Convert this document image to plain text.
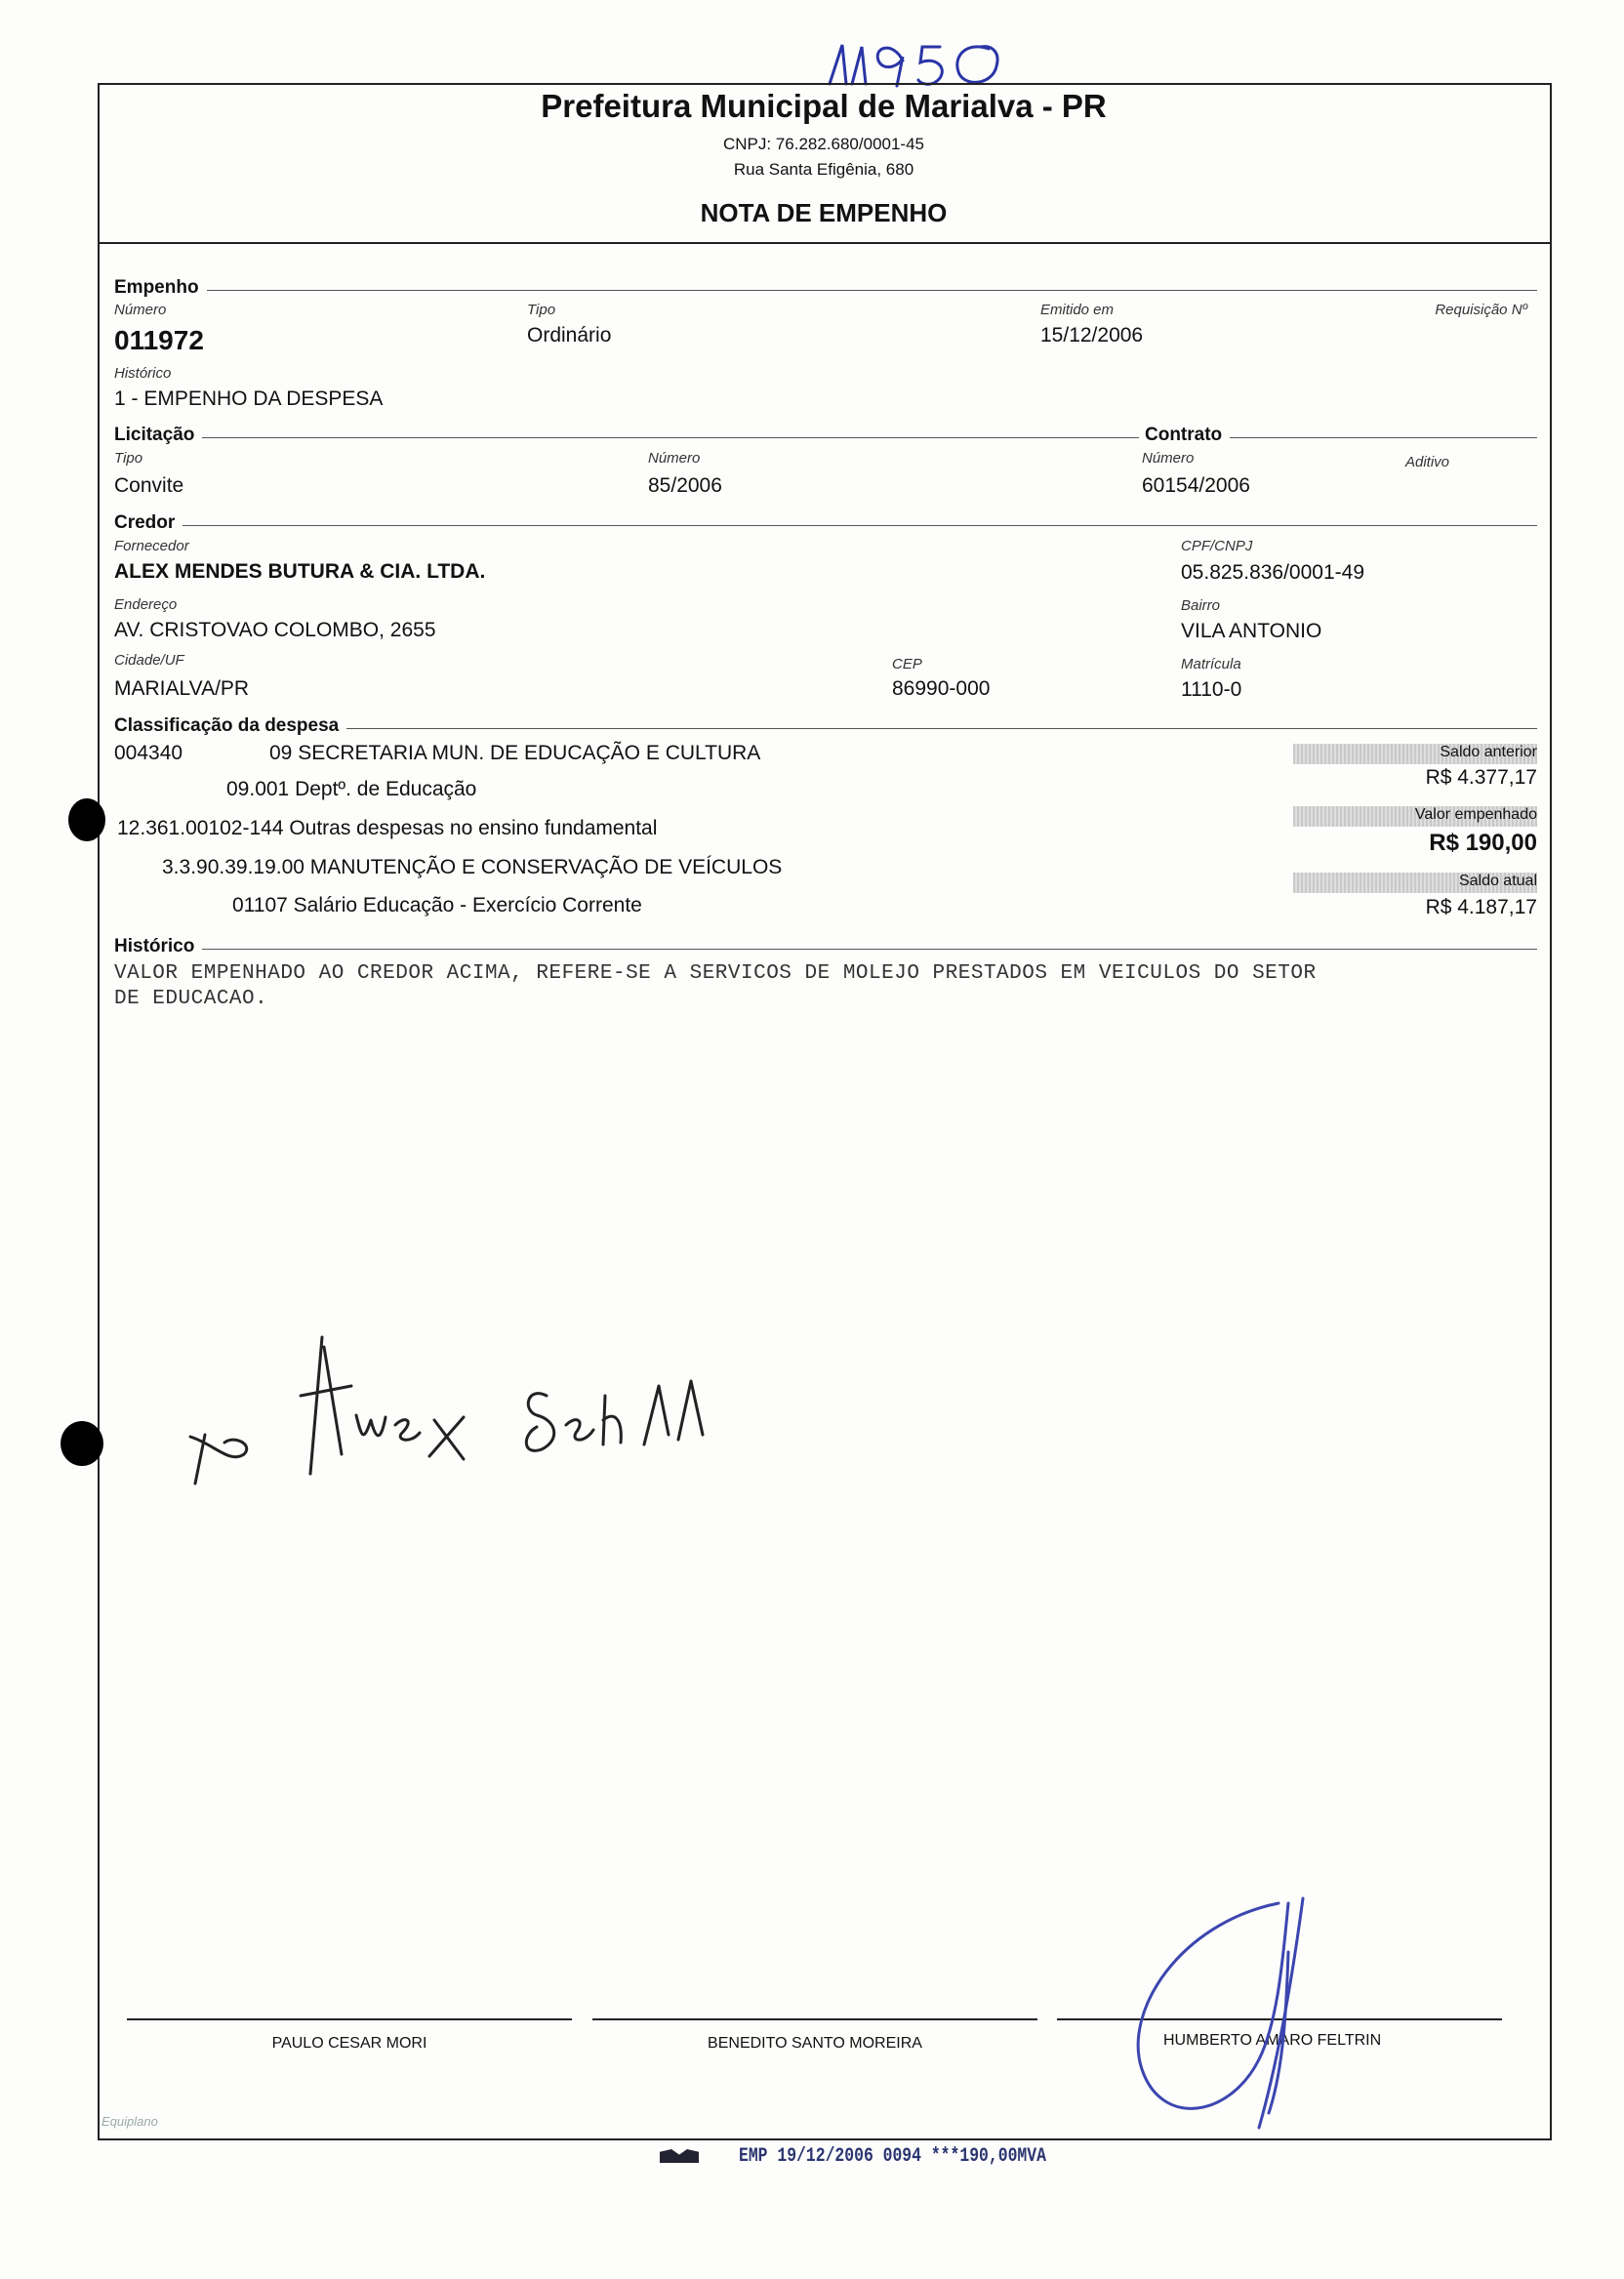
Prefeitura Municipal de Marialva - PR
CNPJ: 76.282.680/0001-45
Rua Santa Efigênia, 680
NOTA DE EMPENHO
Empenho
Número
011972
Tipo
Ordinário
Emitido em
15/12/2006
Requisição Nº
Histórico
1 - EMPENHO DA DESPESA
Licitação	Contrato
Tipo
Convite
Número
85/2006
Número
60154/2006
Aditivo
Credor
Fornecedor
ALEX MENDES BUTURA & CIA. LTDA.
CPF/CNPJ
05.825.836/0001-49
Endereço
AV. CRISTOVAO COLOMBO, 2655
Bairro
VILA ANTONIO
Cidade/UF
MARIALVA/PR
CEP
86990-000
Matrícula
1110-0
Classificação da despesa
004340	09 SECRETARIA MUN. DE EDUCAÇÃO E CULTURA
09.001 Deptº. de Educação
12.361.00102-144 Outras despesas no ensino fundamental
3.3.90.39.19.00 MANUTENÇÃO E CONSERVAÇÃO DE VEÍCULOS
01107 Salário Educação - Exercício Corrente
Saldo anterior
R$ 4.377,17
Valor empenhado
R$ 190,00
Saldo atual
R$ 4.187,17
Histórico
VALOR EMPENHADO AO CREDOR ACIMA, REFERE-SE A SERVICOS DE MOLEJO PRESTADOS EM VEICULOS DO SETOR
DE EDUCACAO.
PAULO CESAR MORI	BENEDITO SANTO MOREIRA	HUMBERTO AMARO FELTRIN
Equiplano
EMP 19/12/2006 0094 ***190,00MVA
